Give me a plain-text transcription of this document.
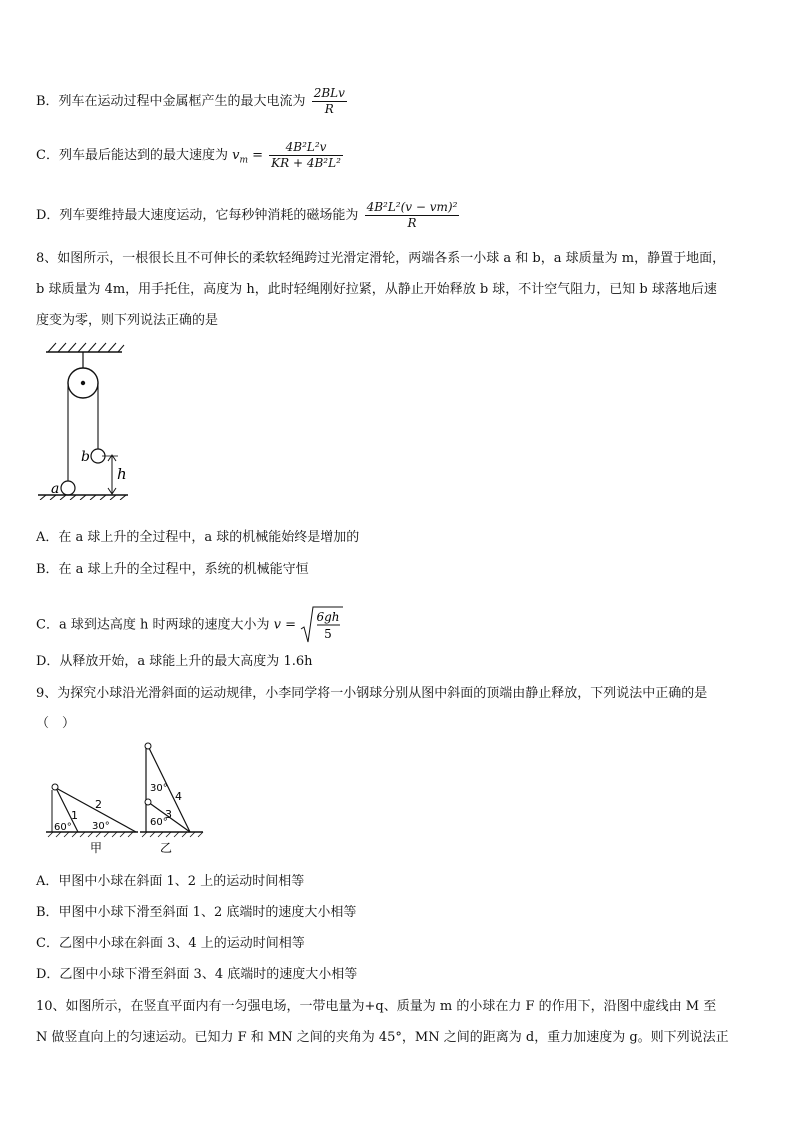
B．列车在运动过程中金属框产生的最大电流为 $\frac{\text{2BLv}}{R}$
C．列车最后能达到的最大速度为 $v_m = \frac{\text{4B²L²v}}{\text{KR + 4B²L²}}$
D．列车要维持最大速度运动，它每秒钟消耗的磁场能为 $\frac{\text{4B²L²(v − vm)²}}{R}$
8、如图所示，一根很长且不可伸长的柔软轻绳跨过光滑定滑轮，两端各系一小球 a 和 b，a 球质量为 m，静置于地面，
b 球质量为 4m，用手托住，高度为 h，此时轻绳刚好拉紧，从静止开始释放 b 球，不计空气阻力，已知 b 球落地后速
度变为零，则下列说法正确的是
b
a
h
A．在 a 球上升的全过程中，a 球的机械能始终是增加的
B．在 a 球上升的全过程中，系统的机械能守恒
C．a 球到达高度 h 时两球的速度大小为 v =
6gh
5
D．从释放开始，a 球能上升的最大高度为 1.6h
9、为探究小球沿光滑斜面的运动规律，小李同学将一小钢球分别从图中斜面的顶端由静止释放，下列说法中正确的是
（　）
1
2
60° 30°
甲
30°
60°
4
3
乙
A．甲图中小球在斜面 1、2 上的运动时间相等
B．甲图中小球下滑至斜面 1、2 底端时的速度大小相等
C．乙图中小球在斜面 3、4 上的运动时间相等
D．乙图中小球下滑至斜面 3、4 底端时的速度大小相等
10、如图所示，在竖直平面内有一匀强电场，一带电量为+q、质量为 m 的小球在力 F 的作用下，沿图中虚线由 M 至
N 做竖直向上的匀速运动。已知力 F 和 MN 之间的夹角为 45°，MN 之间的距离为 d，重力加速度为 g。则下列说法正
